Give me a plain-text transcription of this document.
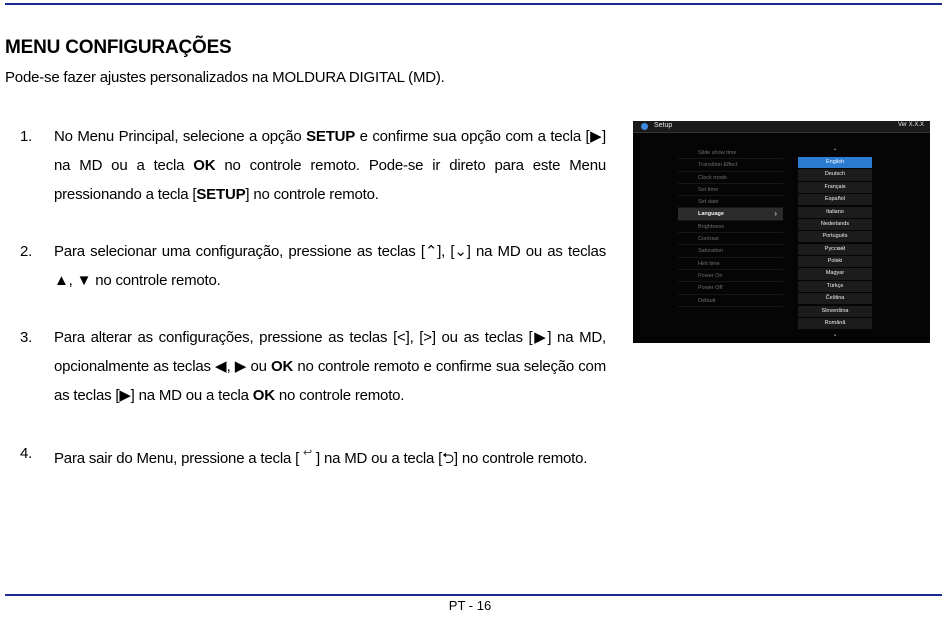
MENU CONFIGURAÇÕES
Pode-se fazer ajustes personalizados na MOLDURA DIGITAL (MD).
1. No Menu Principal, selecione a opção SETUP e confirme sua opção com a tecla [▶] na MD ou a tecla OK no controle remoto. Pode-se ir direto para este Menu pressionando a tecla [SETUP] no controle remoto.
2. Para selecionar uma configuração, pressione as teclas [⌃], [⌄] na MD ou as teclas ▲, ▼ no controle remoto.
3. Para alterar as configurações, pressione as teclas [<], [>] ou as teclas [▶] na MD, opcionalmente as teclas ◀, ▶ ou OK no controle remoto e confirme sua seleção com as teclas [▶] na MD ou a tecla OK no controle remoto.
4. Para sair do Menu, pressione a tecla [ ↩ ] na MD ou a tecla [⮌] no controle remoto.
Setup	Ver X.X.X
Slide show time
Transition Effect
Clock mode
Set time
Set date
Language ›
Brightness
Contrast
Saturation
Hint time
Power On
Power Off
Default
⌃
English
Deutsch
Français
Español
Italiano
Nederlands
Português
Русский
Polski
Magyar
Türkçe
Čeština
Slovenšina
Română
⌄
PT - 16
